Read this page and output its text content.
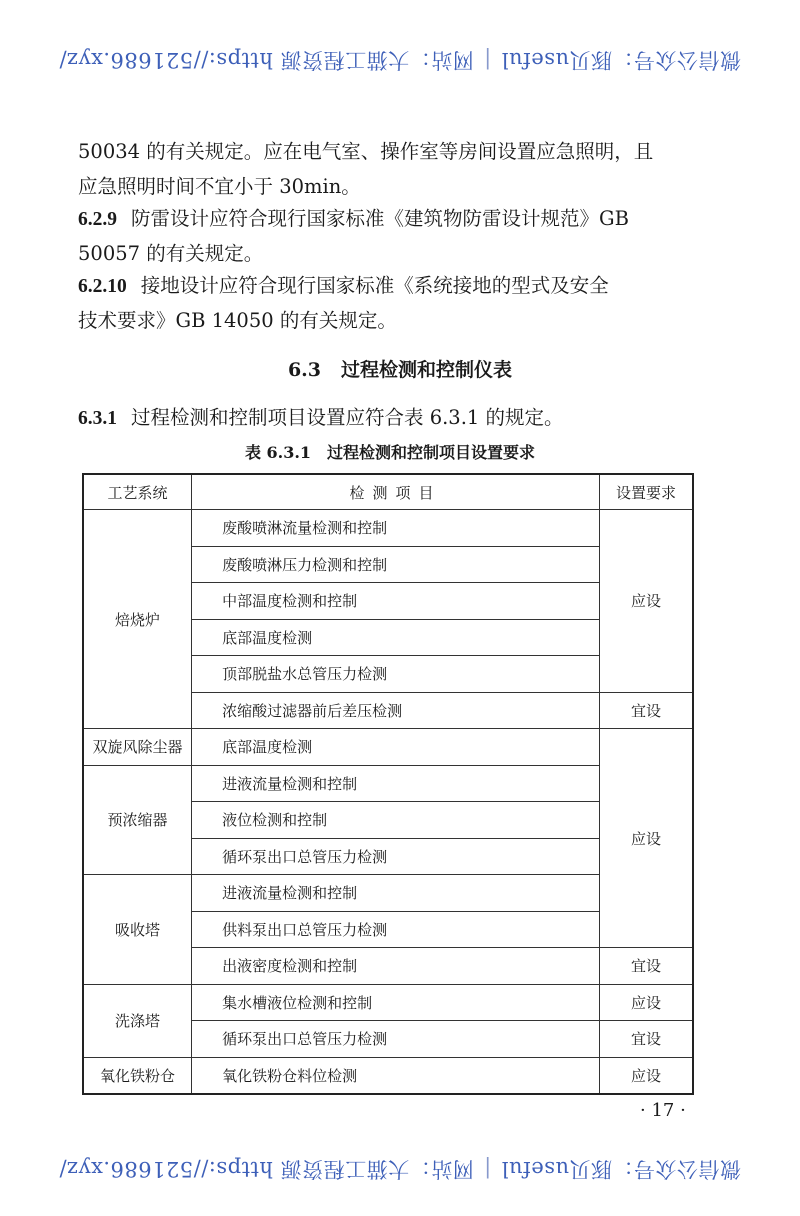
微信公众号：豚贝useful|网站：大猫工程资源 https://521686.xyz/
50034 的有关规定。应在电气室、操作室等房间设置应急照明，且
应急照明时间不宜小于 30min。
6.2.9 防雷设计应符合现行国家标准《建筑物防雷设计规范》GB
50057 的有关规定。
6.2.10 接地设计应符合现行国家标准《系统接地的型式及安全
技术要求》GB 14050 的有关规定。
6.3 过程检测和控制仪表
6.3.1 过程检测和控制项目设置应符合表 6.3.1 的规定。
表 6.3.1　过程检测和控制项目设置要求
工艺系统	检测项目	设置要求
焙烧炉	废酸喷淋流量检测和控制	应设
	废酸喷淋压力检测和控制	
	中部温度检测和控制	
	底部温度检测	
	顶部脱盐水总管压力检测	
	浓缩酸过滤器前后差压检测	宜设
双旋风除尘器	底部温度检测	应设
预浓缩器	进液流量检测和控制	
	液位检测和控制	
	循环泵出口总管压力检测	
吸收塔	进液流量检测和控制	
	供料泵出口总管压力检测	
	出液密度检测和控制	宜设
洗涤塔	集水槽液位检测和控制	应设
	循环泵出口总管压力检测	宜设
氧化铁粉仓	氧化铁粉仓料位检测	应设
· 17 ·
微信公众号：豚贝useful|网站：大猫工程资源 https://521686.xyz/
